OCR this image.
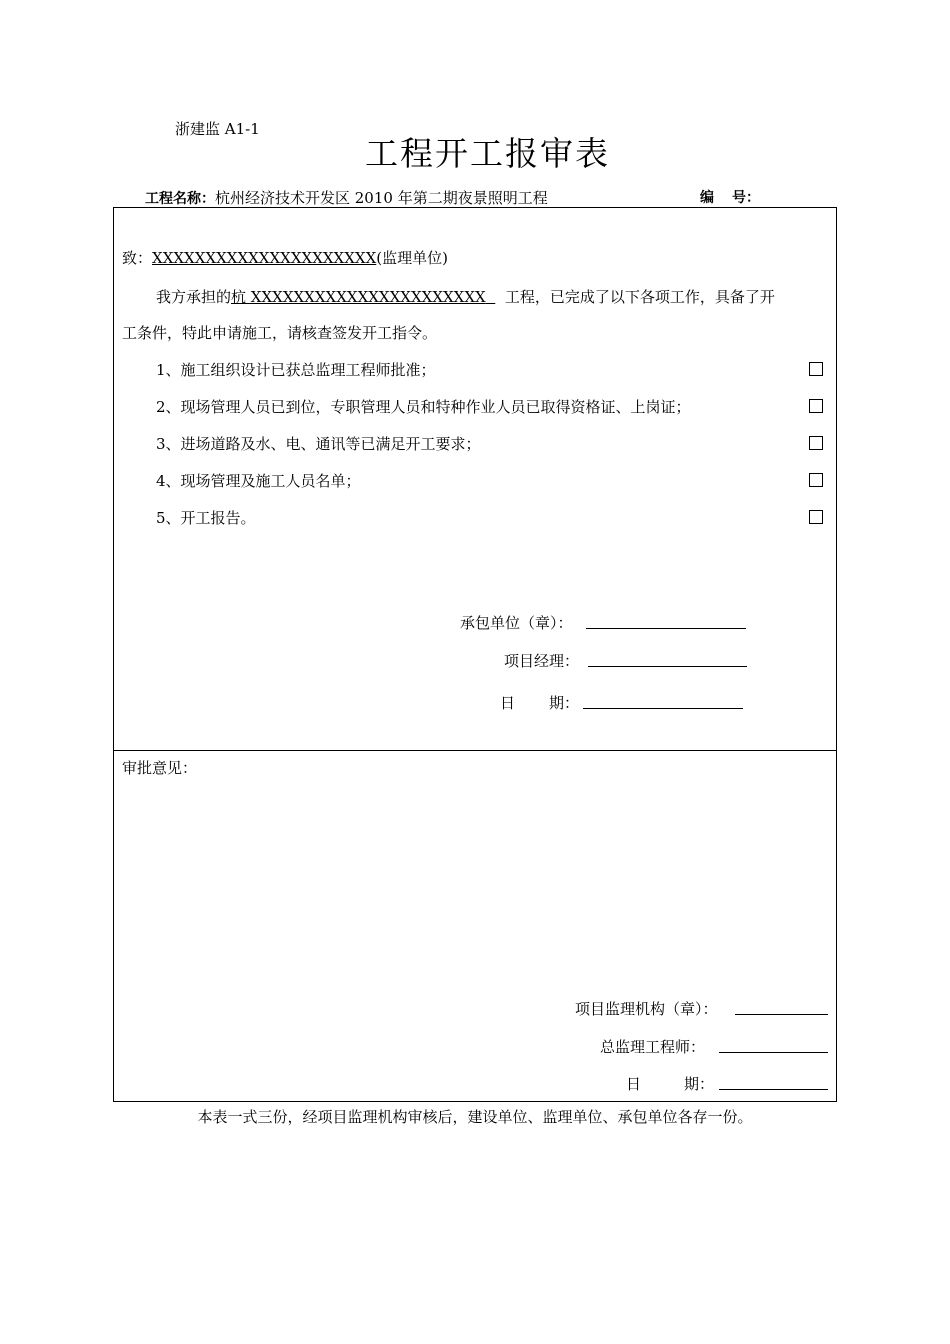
浙建监 A1-1
工程开工报审表
工程名称：杭州经济技术开发区 2010 年第二期夜景照明工程	编 号：
致：XXXXXXXXXXXXXXXXXXXXX(监理单位)
我方承担的杭 XXXXXXXXXXXXXXXXXXXXXX 工程，已完成了以下各项工作，具备了开
工条件，特此申请施工，请核查签发开工指令。
1、施工组织设计已获总监理工程师批准；
2、现场管理人员已到位，专职管理人员和特种作业人员已取得资格证、上岗证；
3、进场道路及水、电、通讯等已满足开工要求；
4、现场管理及施工人员名单；
5、开工报告。
承包单位（章）：
项目经理：
日 期：
审批意见：
项目监理机构（章）：
总监理工程师：
日	期：
本表一式三份，经项目监理机构审核后，建设单位、监理单位、承包单位各存一份。
